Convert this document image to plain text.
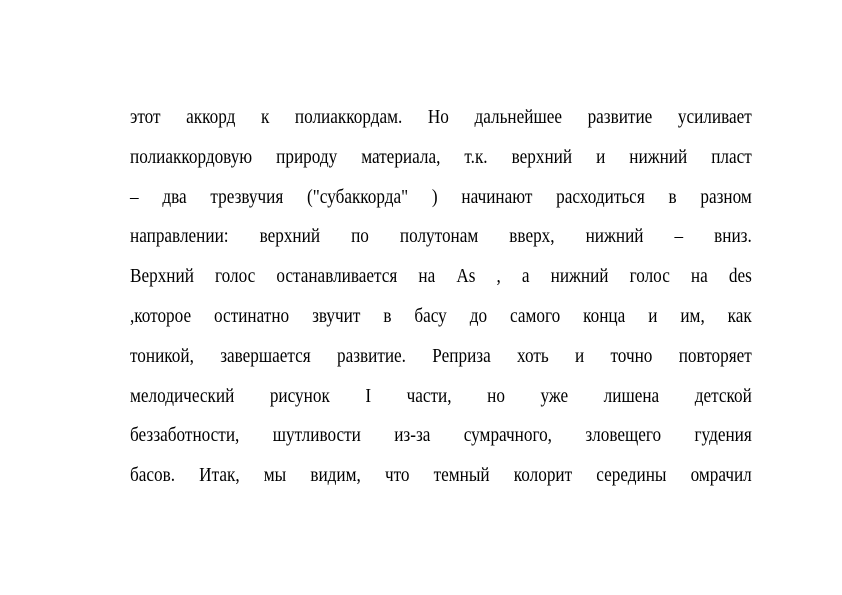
этот аккорд к полиаккордам. Но дальнейшее развитие усиливает
полиаккордовую природу материала, т.к. верхний и нижний пласт
– два трезвучия ("субаккорда" ) начинают расходиться в разном
направлении: верхний по полутонам вверх, нижний – вниз.
Верхний голос останавливается на As , а нижний голос на des
,которое остинатно звучит в басу до самого конца и им, как
тоникой, завершается развитие. Реприза хоть и точно повторяет
мелодический рисунок I части, но уже лишена детской
беззаботности, шутливости из-за сумрачного, зловещего гудения
басов. Итак, мы видим, что темный колорит середины омрачил
